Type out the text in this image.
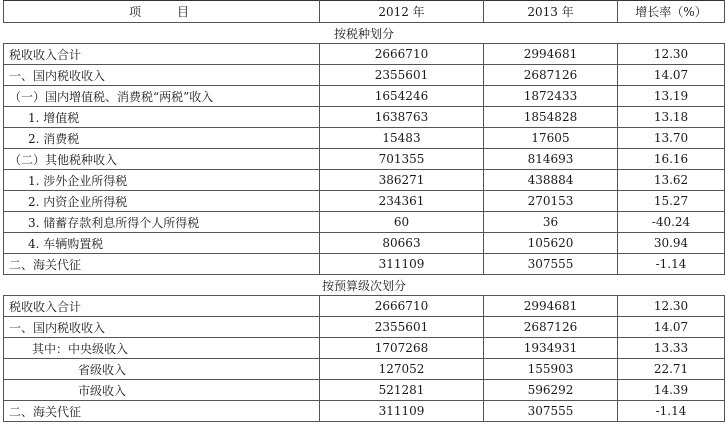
项目	2012 年	2013 年	增长率（%）
按税种划分			
税收收入合计	2666710	2994681	12.30
一、国内税收收入	2355601	2687126	14.07
（一）国内增值税、消费税“两税”收入	1654246	1872433	13.19
1. 增值税	1638763	1854828	13.18
2. 消费税	15483	17605	13.70
（二）其他税种收入	701355	814693	16.16
1. 涉外企业所得税	386271	438884	13.62
2. 内资企业所得税	234361	270153	15.27
3. 储蓄存款利息所得个人所得税	60	36	-40.24
4. 车辆购置税	80663	105620	30.94
二、海关代征	311109	307555	-1.14
按预算级次划分			
税收收入合计	2666710	2994681	12.30
一、国内税收收入	2355601	2687126	14.07
其中：中央级收入	1707268	1934931	13.33
省级收入	127052	155903	22.71
市级收入	521281	596292	14.39
二、海关代征	311109	307555	-1.14
